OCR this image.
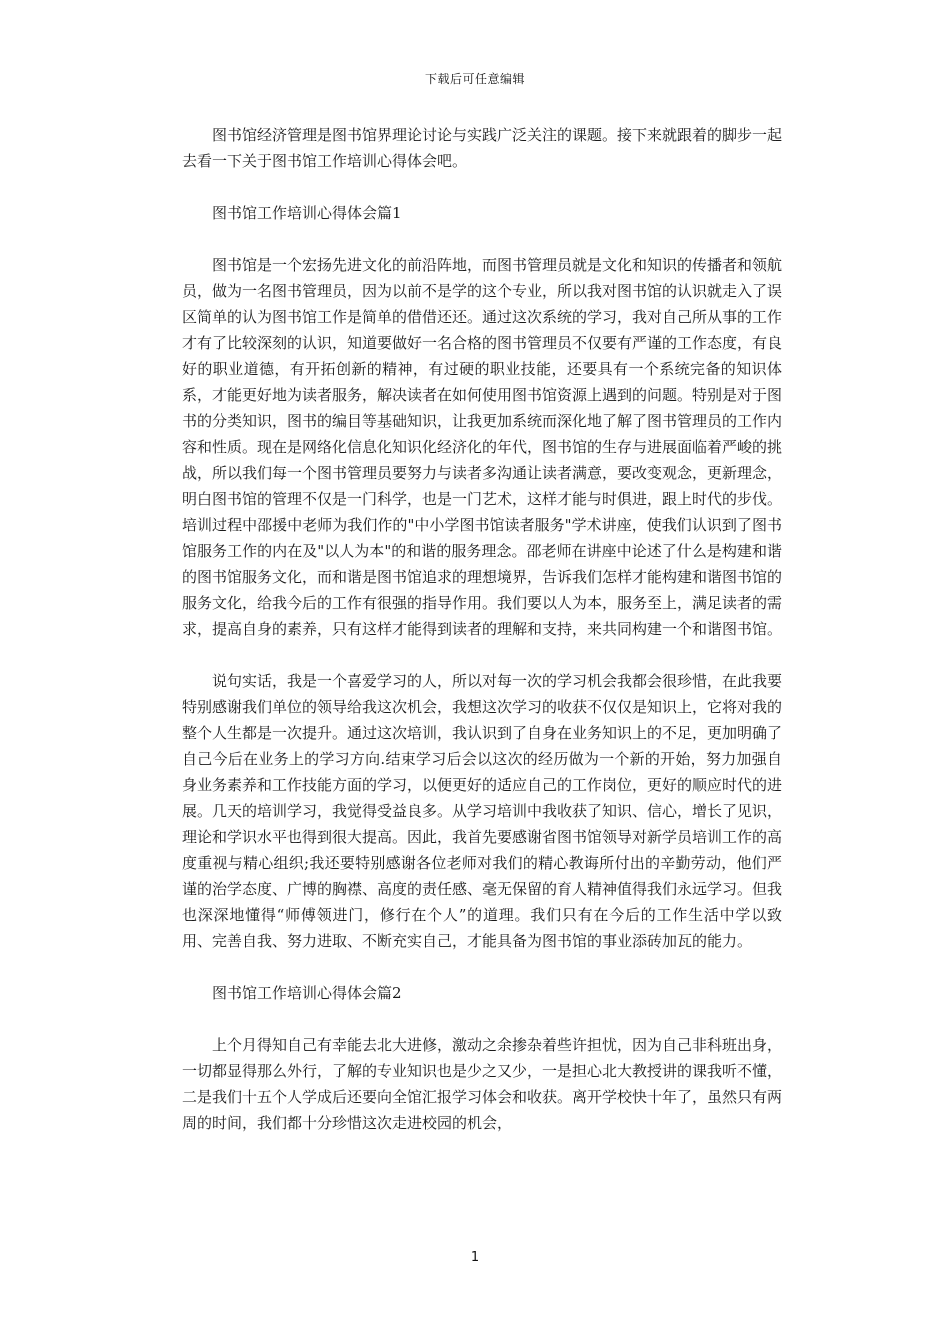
下载后可任意编辑

图书馆经济管理是图书馆界理论讨论与实践广泛关注的课题。接下来就跟着的脚步一起去看一下关于图书馆工作培训心得体会吧。

图书馆工作培训心得体会篇1

图书馆是一个宏扬先进文化的前沿阵地，而图书管理员就是文化和知识的传播者和领航员，做为一名图书管理员，因为以前不是学的这个专业，所以我对图书馆的认识就走入了误区简单的认为图书馆工作是简单的借借还还。通过这次系统的学习，我对自己所从事的工作才有了比较深刻的认识，知道要做好一名合格的图书管理员不仅要有严谨的工作态度，有良好的职业道德，有开拓创新的精神，有过硬的职业技能，还要具有一个系统完备的知识体系，才能更好地为读者服务，解决读者在如何使用图书馆资源上遇到的问题。特别是对于图书的分类知识，图书的编目等基础知识，让我更加系统而深化地了解了图书管理员的工作内容和性质。现在是网络化信息化知识化经济化的年代，图书馆的生存与进展面临着严峻的挑战，所以我们每一个图书管理员要努力与读者多沟通让读者满意，要改变观念，更新理念，明白图书馆的管理不仅是一门科学，也是一门艺术，这样才能与时俱进，跟上时代的步伐。培训过程中邵援中老师为我们作的"中小学图书馆读者服务"学术讲座，使我们认识到了图书馆服务工作的内在及"以人为本"的和谐的服务理念。邵老师在讲座中论述了什么是构建和谐的图书馆服务文化，而和谐是图书馆追求的理想境界，告诉我们怎样才能构建和谐图书馆的服务文化，给我今后的工作有很强的指导作用。我们要以人为本，服务至上，满足读者的需求，提高自身的素养，只有这样才能得到读者的理解和支持，来共同构建一个和谐图书馆。

说句实话，我是一个喜爱学习的人，所以对每一次的学习机会我都会很珍惜，在此我要特别感谢我们单位的领导给我这次机会，我想这次学习的收获不仅仅是知识上，它将对我的整个人生都是一次提升。通过这次培训，我认识到了自身在业务知识上的不足，更加明确了自己今后在业务上的学习方向.结束学习后会以这次的经历做为一个新的开始，努力加强自身业务素养和工作技能方面的学习，以便更好的适应自己的工作岗位，更好的顺应时代的进展。几天的培训学习，我觉得受益良多。从学习培训中我收获了知识、信心，增长了见识，理论和学识水平也得到很大提高。因此，我首先要感谢省图书馆领导对新学员培训工作的高度重视与精心组织;我还要特别感谢各位老师对我们的精心教诲所付出的辛勤劳动，他们严谨的治学态度、广博的胸襟、高度的责任感、毫无保留的育人精神值得我们永远学习。但我也深深地懂得“师傅领进门，修行在个人”的道理。我们只有在今后的工作生活中学以致用、完善自我、努力进取、不断充实自己，才能具备为图书馆的事业添砖加瓦的能力。

图书馆工作培训心得体会篇2

上个月得知自己有幸能去北大进修，激动之余掺杂着些许担忧，因为自己非科班出身，一切都显得那么外行，了解的专业知识也是少之又少，一是担心北大教授讲的课我听不懂，二是我们十五个人学成后还要向全馆汇报学习体会和收获。离开学校快十年了，虽然只有两周的时间，我们都十分珍惜这次走进校园的机会，

1
